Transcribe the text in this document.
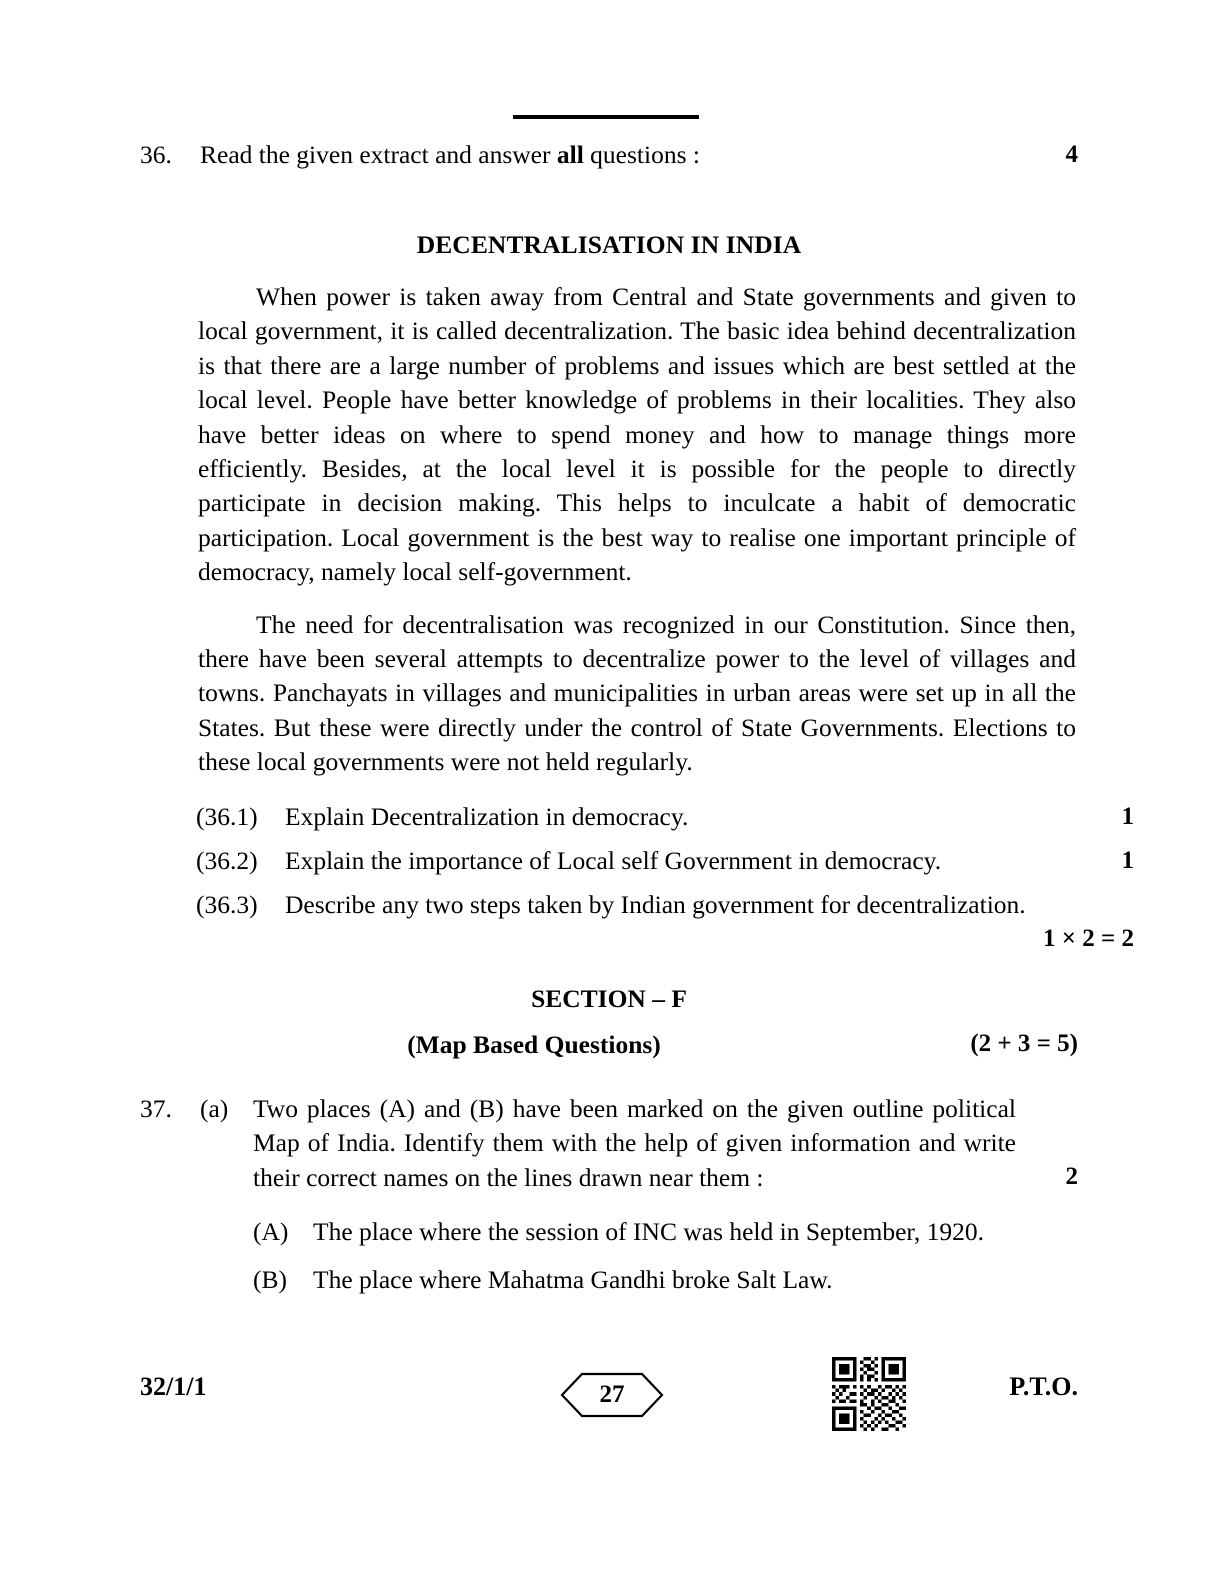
36.	Read the given extract and answer all questions :	4
DECENTRALISATION IN INDIA

When power is taken away from Central and State governments and given to local government, it is called decentralization. The basic idea behind decentralization is that there are a large number of problems and issues which are best settled at the local level. People have better knowledge of problems in their localities. They also have better ideas on where to spend money and how to manage things more efficiently. Besides, at the local level it is possible for the people to directly participate in decision making. This helps to inculcate a habit of democratic participation. Local government is the best way to realise one important principle of democracy, namely local self-government.

The need for decentralisation was recognized in our Constitution. Since then, there have been several attempts to decentralize power to the level of villages and towns. Panchayats in villages and municipalities in urban areas were set up in all the States. But these were directly under the control of State Governments. Elections to these local governments were not held regularly.

(36.1)	Explain Decentralization in democracy.	1
(36.2)	Explain the importance of Local self Government in democracy.	1
(36.3)	Describe any two steps taken by Indian government for decentralization.
1 × 2 = 2
SECTION – F
(Map Based Questions)	(2 + 3 = 5)
37.	(a) Two places (A) and (B) have been marked on the given outline political Map of India. Identify them with the help of given information and write their correct names on the lines drawn near them :	2
(A) The place where the session of INC was held in September, 1920.
(B)	The place where Mahatma Gandhi broke Salt Law.
32/1/1	27	P.T.O.
